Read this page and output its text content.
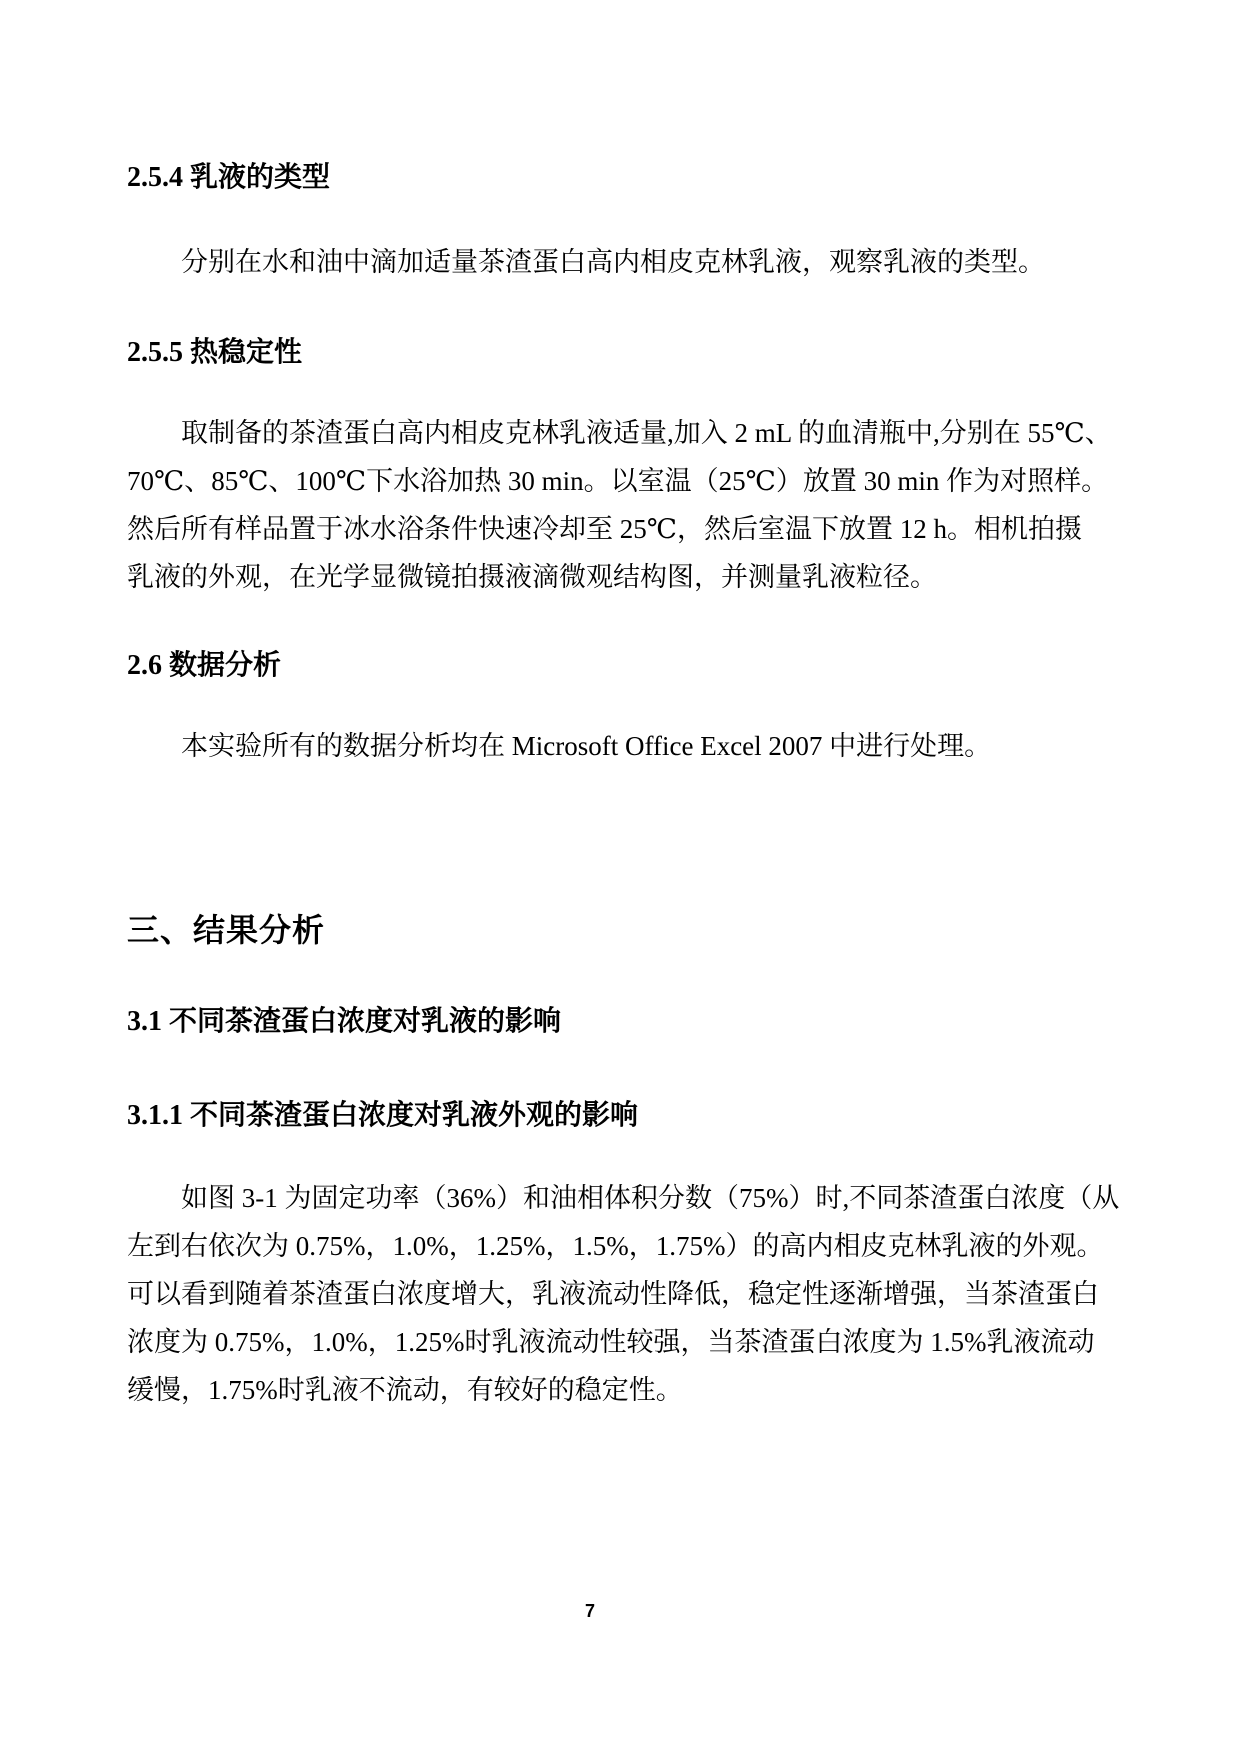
2.5.4 乳液的类型

分别在水和油中滴加适量茶渣蛋白高内相皮克林乳液，观察乳液的类型。

2.5.5 热稳定性
取制备的茶渣蛋白高内相皮克林乳液适量,加入 2 mL 的血清瓶中,分别在 55℃、
70℃、85℃、100℃下水浴加热 30 min。以室温（25℃）放置 30 min 作为对照样。
然后所有样品置于冰水浴条件快速冷却至 25℃，然后室温下放置 12 h。相机拍摄
乳液的外观，在光学显微镜拍摄液滴微观结构图，并测量乳液粒径。
2.6 数据分析

本实验所有的数据分析均在 Microsoft Office Excel 2007 中进行处理。

三、结果分析
3.1 不同茶渣蛋白浓度对乳液的影响
3.1.1 不同茶渣蛋白浓度对乳液外观的影响
如图 3-1 为固定功率（36%）和油相体积分数（75%）时,不同茶渣蛋白浓度（从
左到右依次为 0.75%，1.0%，1.25%，1.5%，1.75%）的高内相皮克林乳液的外观。
可以看到随着茶渣蛋白浓度增大，乳液流动性降低，稳定性逐渐增强，当茶渣蛋白
浓度为 0.75%，1.0%，1.25%时乳液流动性较强，当茶渣蛋白浓度为 1.5%乳液流动
缓慢，1.75%时乳液不流动，有较好的稳定性。
7
